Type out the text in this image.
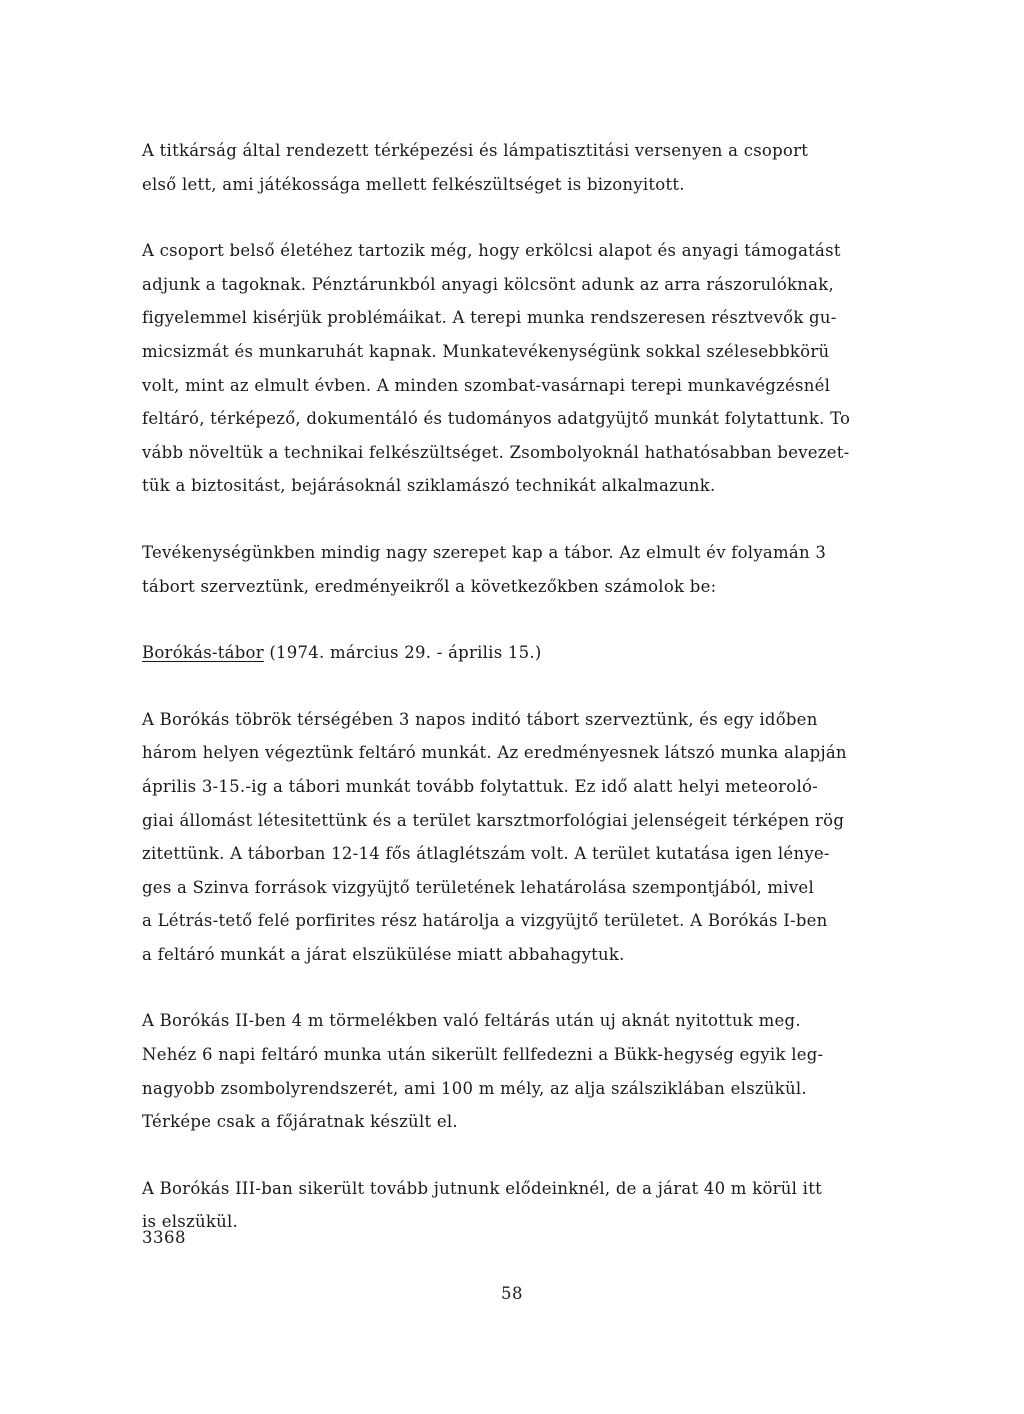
A titkárság által rendezett térképezési és lámpatisztitási versenyen a csoport
első lett, ami játékossága mellett felkészültséget is bizonyitott.

A csoport belső életéhez tartozik még, hogy erkölcsi alapot és anyagi támogatást
adjunk a tagoknak. Pénztárunkból anyagi kölcsönt adunk az arra rászorulóknak,
figyelemmel kisérjük problémáikat. A terepi munka rendszeresen résztvevők gu-
micsizmát és munkaruhát kapnak. Munkatevékenységünk sokkal szélesebbkörü
volt, mint az elmult évben. A minden szombat-vasárnapi terepi munkavégzésnél
feltáró, térképező, dokumentáló és tudományos adatgyüjtő munkát folytattunk. To
vább növeltük a technikai felkészültséget. Zsombolyoknál hathatósabban bevezet-
tük a biztositást, bejárásoknál sziklamászó technikát alkalmazunk.

Tevékenységünkben mindig nagy szerepet kap a tábor. Az elmult év folyamán 3
tábort szerveztünk, eredményeikről a következőkben számolok be:

Borókás-tábor (1974. március 29. - április 15.)

A Borókás töbrök térségében 3 napos inditó tábort szerveztünk, és egy időben
három helyen végeztünk feltáró munkát. Az eredményesnek látszó munka alapján
április 3-15.-ig a tábori munkát tovább folytattuk. Ez idő alatt helyi meteoroló-
giai állomást létesitettünk és a terület karsztmorfológiai jelenségeit térképen rög
zitettünk. A táborban 12-14 fős átlaglétszám volt. A terület kutatása igen lénye-
ges a Szinva források vizgyüjtő területének lehatárolása szempontjából, mivel
a Létrás-tető felé porfirites rész határolja a vizgyüjtő területet. A Borókás I-ben
a feltáró munkát a járat elszükülése miatt abbahagytuk.

A Borókás II-ben 4 m törmelékben való feltárás után uj aknát nyitottuk meg.
Nehéz 6 napi feltáró munka után sikerült fellfedezni a Bükk-hegység egyik leg-
nagyobb zsombolyrendszerét, ami 100 m mély, az alja szálsziklában elszükül.
Térképe csak a főjáratnak készült el.

A Borókás III-ban sikerült tovább jutnunk elődeinknél, de a járat 40 m körül itt
is elszükül.

3368
58
